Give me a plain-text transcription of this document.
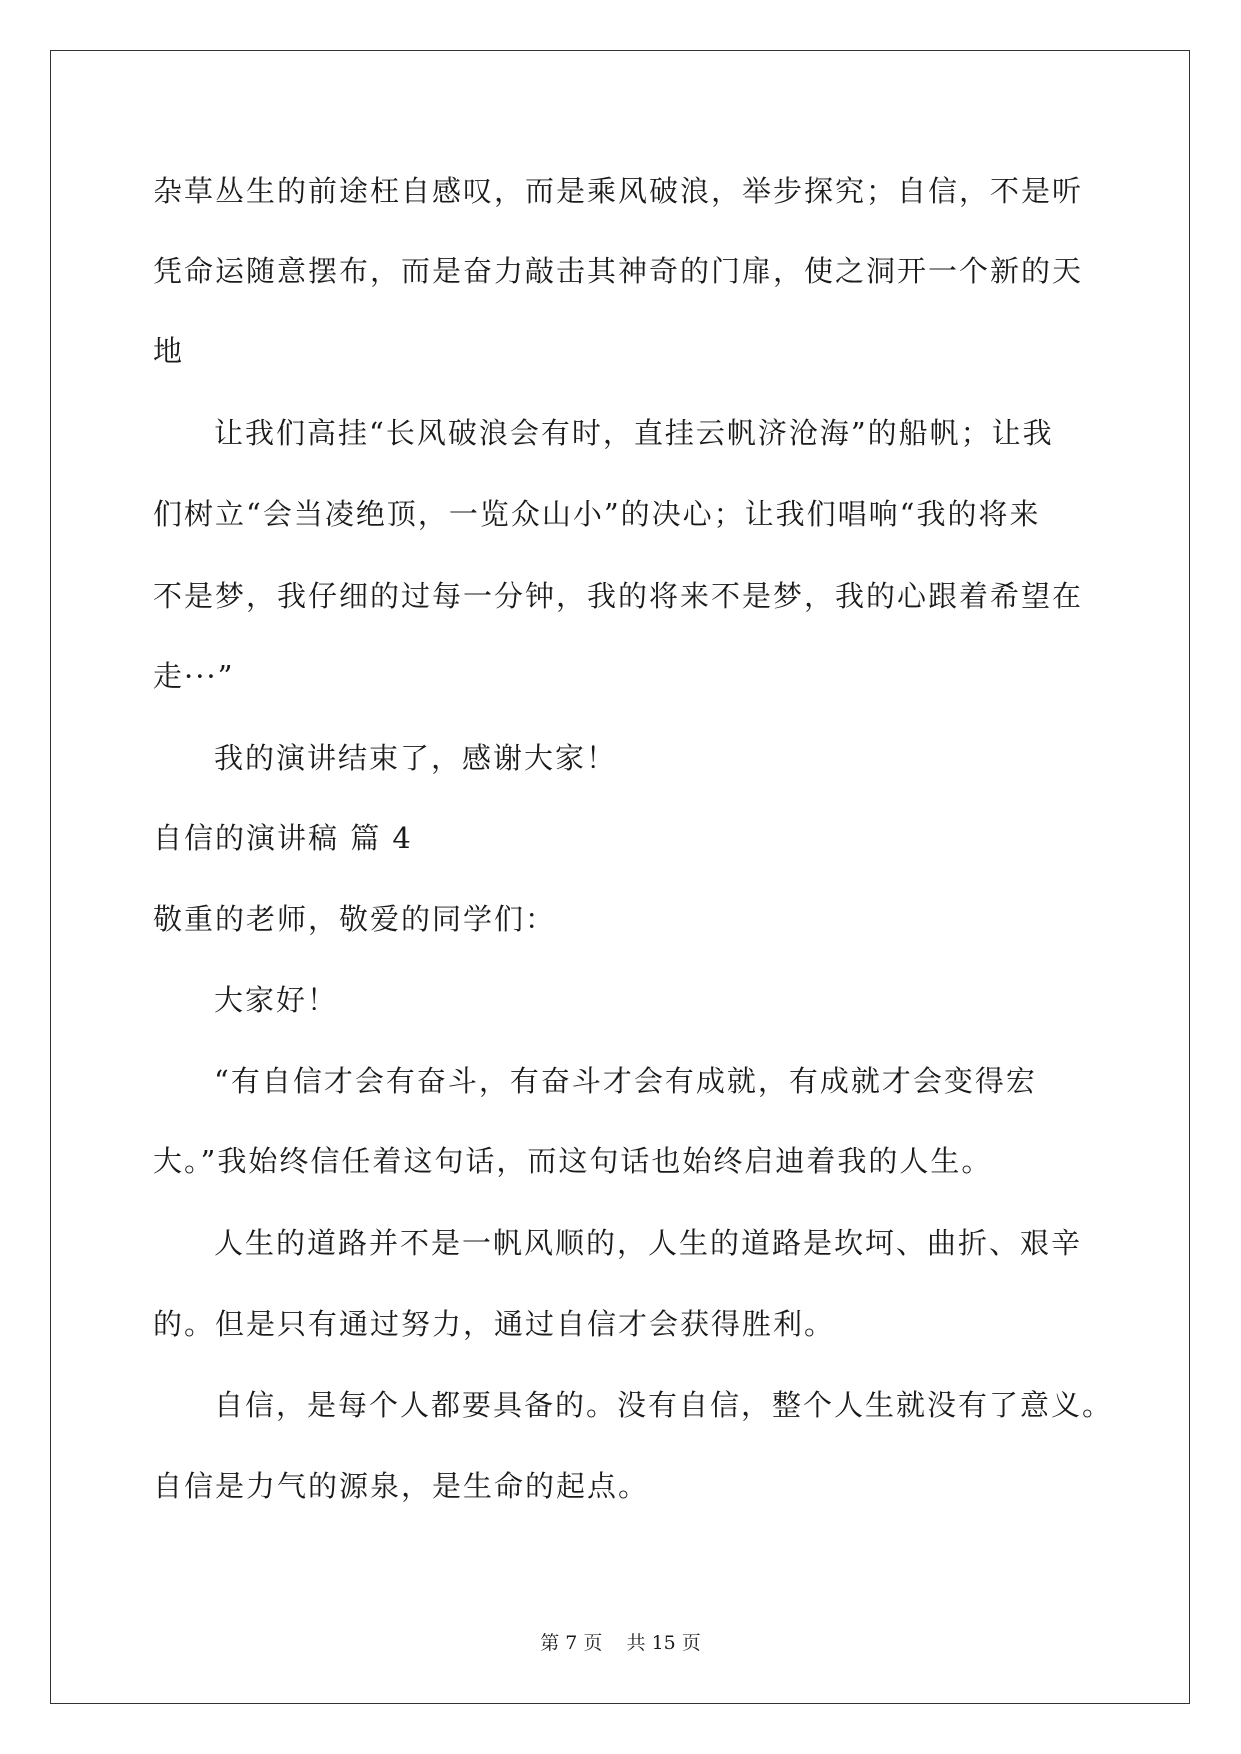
杂草丛生的前途枉自感叹，而是乘风破浪，举步探究；自信，不是听
凭命运随意摆布，而是奋力敲击其神奇的门扉，使之洞开一个新的天
地
让我们高挂“长风破浪会有时，直挂云帆济沧海”的船帆；让我
们树立“会当凌绝顶，一览众山小”的决心；让我们唱响“我的将来
不是梦，我仔细的过每一分钟，我的将来不是梦，我的心跟着希望在
走···”
我的演讲结束了，感谢大家！
自信的演讲稿 篇 4
敬重的老师，敬爱的同学们：
大家好！
“有自信才会有奋斗，有奋斗才会有成就，有成就才会变得宏
大。”我始终信任着这句话，而这句话也始终启迪着我的人生。
人生的道路并不是一帆风顺的，人生的道路是坎坷、曲折、艰辛
的。但是只有通过努力，通过自信才会获得胜利。
自信，是每个人都要具备的。没有自信，整个人生就没有了意义。
自信是力气的源泉，是生命的起点。
第 7 页    共 15 页
